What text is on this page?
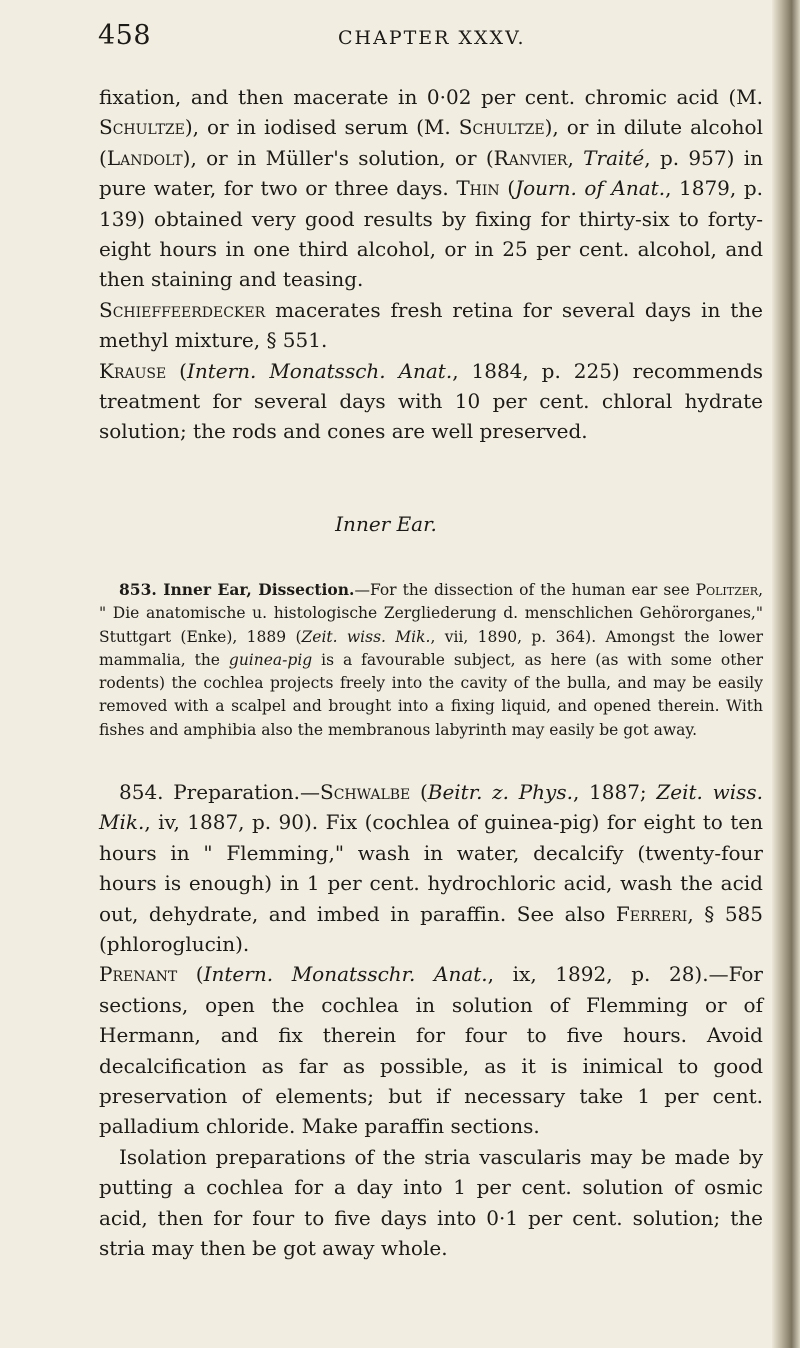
458	CHAPTER XXXV.
fixation, and then macerate in 0·02 per cent. chromic acid (M. Schultze), or in iodised serum (M. Schultze), or in dilute alcohol (Landolt), or in Müller's solution, or (Ranvier, Traité, p. 957) in pure water, for two or three days. Thin (Journ. of Anat., 1879, p. 139) obtained very good results by fixing for thirty-six to forty-eight hours in one third alcohol, or in 25 per cent. alcohol, and then staining and teasing.
Schieffeerdecker macerates fresh retina for several days in the methyl mixture, § 551.
Krause (Intern. Monatssch. Anat., 1884, p. 225) recommends treatment for several days with 10 per cent. chloral hydrate solution; the rods and cones are well preserved.
Inner Ear.
853. Inner Ear, Dissection.—For the dissection of the human ear see Politzer, " Die anatomische u. histologische Zergliederung d. menschlichen Gehörorganes," Stuttgart (Enke), 1889 (Zeit. wiss. Mik., vii, 1890, p. 364). Amongst the lower mammalia, the guinea-pig is a favourable subject, as here (as with some other rodents) the cochlea projects freely into the cavity of the bulla, and may be easily removed with a scalpel and brought into a fixing liquid, and opened therein. With fishes and amphibia also the membranous labyrinth may easily be got away.
854. Preparation.—Schwalbe (Beitr. z. Phys., 1887; Zeit. wiss. Mik., iv, 1887, p. 90). Fix (cochlea of guinea-pig) for eight to ten hours in " Flemming," wash in water, decalcify (twenty-four hours is enough) in 1 per cent. hydrochloric acid, wash the acid out, dehydrate, and imbed in paraffin. See also Ferreri, § 585 (phloroglucin).
Prenant (Intern. Monatsschr. Anat., ix, 1892, p. 28).—For sections, open the cochlea in solution of Flemming or of Hermann, and fix therein for four to five hours. Avoid decalcification as far as possible, as it is inimical to good preservation of elements; but if necessary take 1 per cent. palladium chloride. Make paraffin sections.
Isolation preparations of the stria vascularis may be made by putting a cochlea for a day into 1 per cent. solution of osmic acid, then for four to five days into 0·1 per cent. solution; the stria may then be got away whole.
